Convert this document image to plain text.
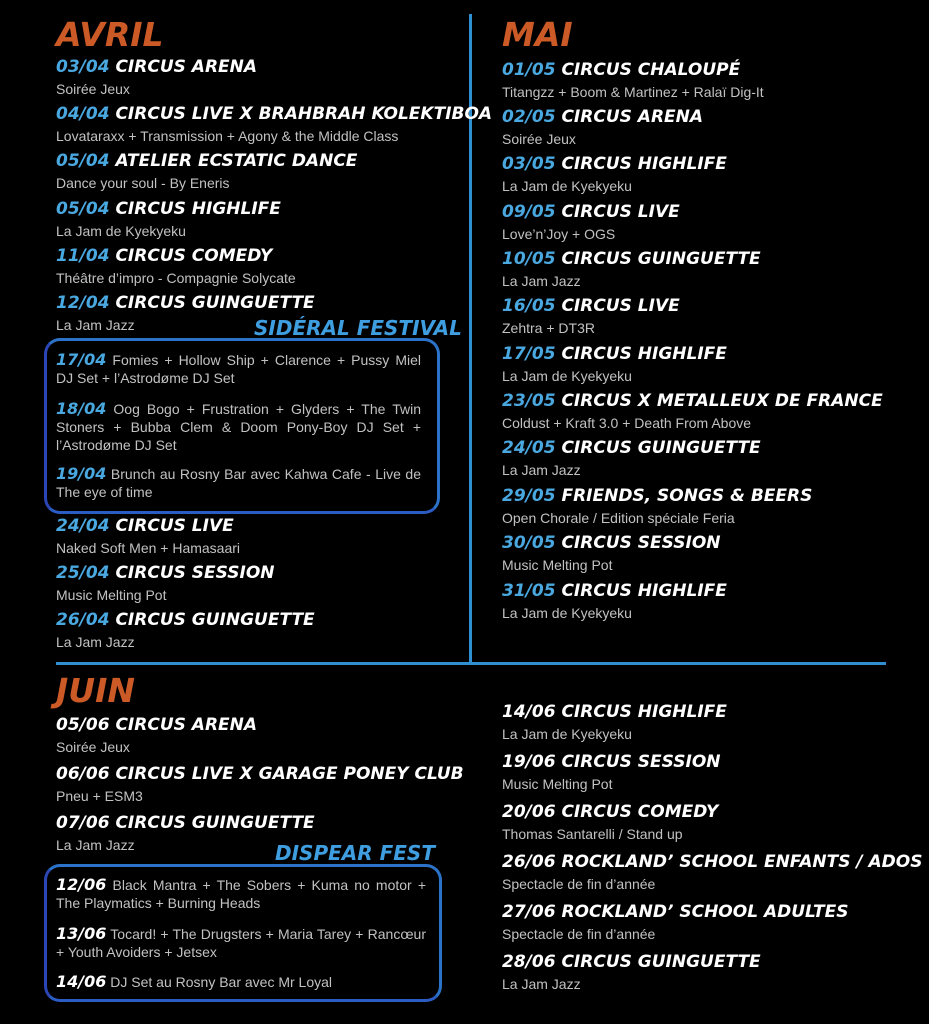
AVRIL	MAI
JUIN
03/04 CIRCUS ARENA
Soirée Jeux
04/04 CIRCUS LIVE X BRAHBRAH KOLEKTIBOA
Lovataraxx + Transmission + Agony & the Middle Class
05/04 ATELIER ECSTATIC DANCE
Dance your soul - By Eneris
05/04 CIRCUS HIGHLIFE
La Jam de Kyekyeku
11/04 CIRCUS COMEDY
Théâtre d’impro - Compagnie Solycate
12/04 CIRCUS GUINGUETTE
La Jam Jazz	SIDÉRAL FESTIVAL
17/04 Fomies + Hollow Ship + Clarence + Pussy Miel DJ Set + l’Astrodøme DJ Set
18/04 Oog Bogo + Frustration + Glyders + The Twin Stoners + Bubba Clem & Doom Pony-Boy DJ Set + l’Astrodøme DJ Set
19/04 Brunch au Rosny Bar avec Kahwa Cafe - Live de The eye of time
24/04 CIRCUS LIVE
Naked Soft Men + Hamasaari
25/04 CIRCUS SESSION
Music Melting Pot
26/04 CIRCUS GUINGUETTE
La Jam Jazz
01/05 CIRCUS CHALOUPÉ
Titangzz + Boom & Martinez + Ralaï Dig-It
02/05 CIRCUS ARENA
Soirée Jeux
03/05 CIRCUS HIGHLIFE
La Jam de Kyekyeku
09/05 CIRCUS LIVE
Love’n’Joy + OGS
10/05 CIRCUS GUINGUETTE
La Jam Jazz
16/05 CIRCUS LIVE
Zehtra + DT3R
17/05 CIRCUS HIGHLIFE
La Jam de Kyekyeku
23/05 CIRCUS X METALLEUX DE FRANCE
Coldust + Kraft 3.0 + Death From Above
24/05 CIRCUS GUINGUETTE
La Jam Jazz
29/05 FRIENDS, SONGS & BEERS
Open Chorale / Edition spéciale Feria
30/05 CIRCUS SESSION
Music Melting Pot
31/05 CIRCUS HIGHLIFE
La Jam de Kyekyeku
05/06 CIRCUS ARENA
Soirée Jeux
06/06 CIRCUS LIVE X GARAGE PONEY CLUB
Pneu + ESM3
07/06 CIRCUS GUINGUETTE
La Jam Jazz	DISPEAR FEST
12/06 Black Mantra + The Sobers + Kuma no motor + The Playmatics + Burning Heads
13/06 Tocard! + The Drugsters + Maria Tarey + Rancœur + Youth Avoiders + Jetsex
14/06 DJ Set au Rosny Bar avec Mr Loyal
14/06 CIRCUS HIGHLIFE
La Jam de Kyekyeku
19/06 CIRCUS SESSION
Music Melting Pot
20/06 CIRCUS COMEDY
Thomas Santarelli / Stand up
26/06 ROCKLAND’ SCHOOL ENFANTS / ADOS
Spectacle de fin d’année
27/06 ROCKLAND’ SCHOOL ADULTES
Spectacle de fin d’année
28/06 CIRCUS GUINGUETTE
La Jam Jazz
